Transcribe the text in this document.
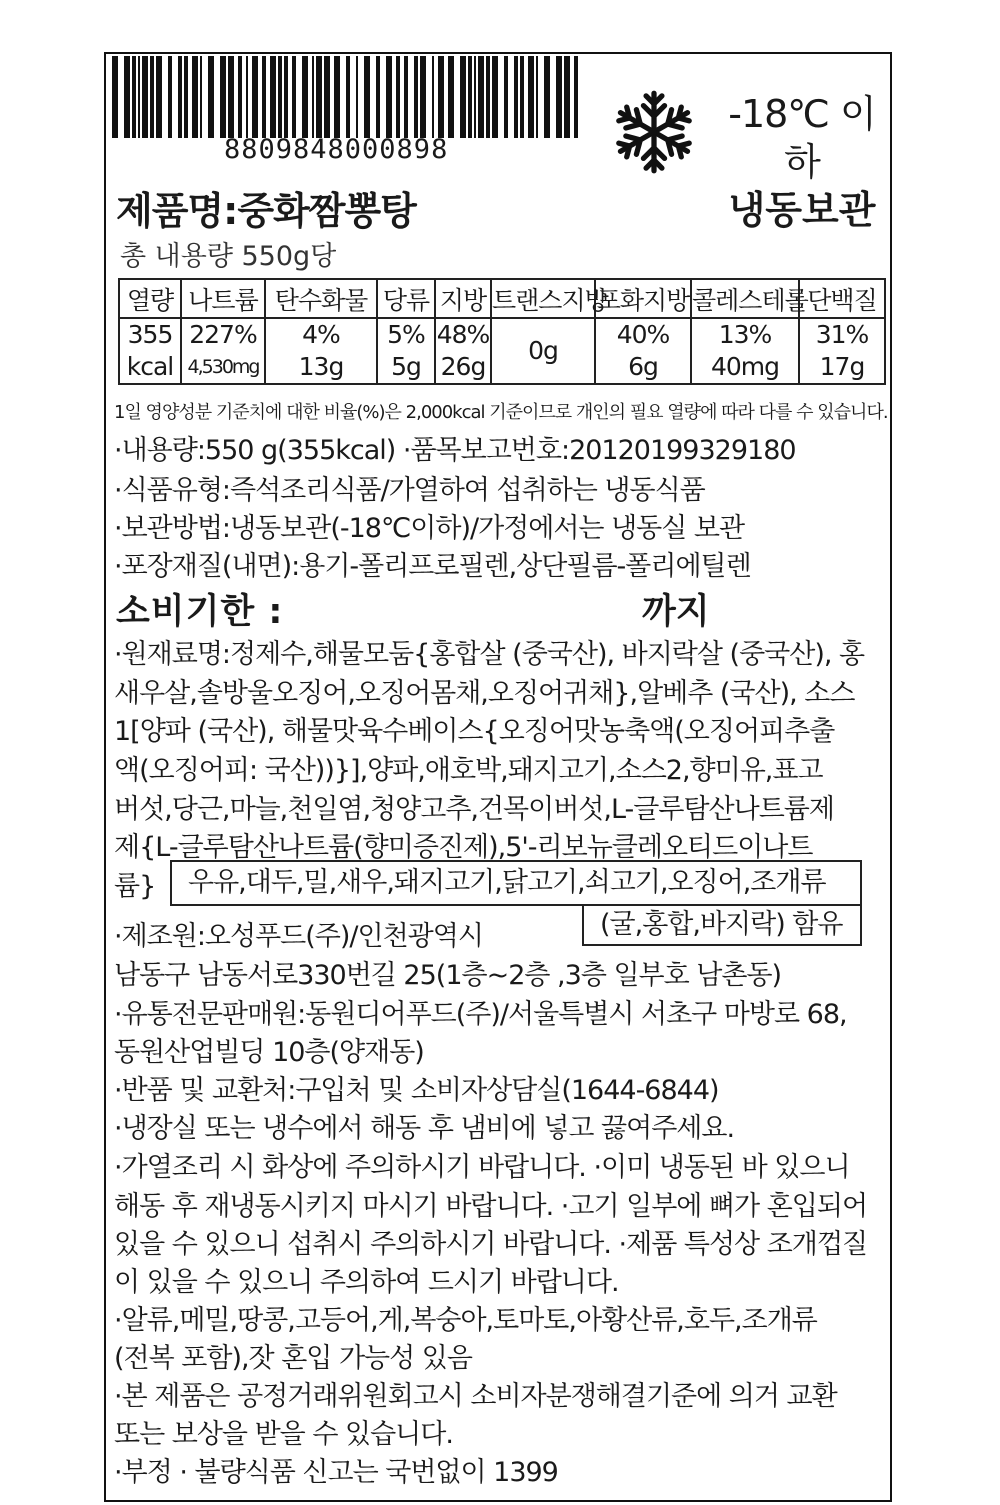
8809848000898
-18℃ 이하
냉동보관
제품명:중화짬뽕탕
총 내용량 550g당
열량	나트륨	탄수화물	당류	지방	트랜스지방	포화지방	콜레스테롤	단백질
355	227%	4%	5%	48%	0g	40%	13%	31%
kcal	4,530mg	13g	5g	26g		6g	40mg	17g
1일 영양성분 기준치에 대한 비율(%)은 2,000kcal 기준이므로 개인의 필요 열량에 따라 다를 수 있습니다.
·내용량:550 g(355kcal) ·품목보고번호:20120199329180
·식품유형:즉석조리식품/가열하여 섭취하는 냉동식품
·보관방법:냉동보관(-18℃이하)/가정에서는 냉동실 보관
·포장재질(내면):용기-폴리프로필렌,상단필름-폴리에틸렌
소비기한 :	까지
·원재료명:정제수,해물모둠{홍합살 (중국산), 바지락살 (중국산), 홍
새우살,솔방울오징어,오징어몸채,오징어귀채},알베추 (국산), 소스
1[양파 (국산), 해물맛육수베이스{오징어맛농축액(오징어피추출
액(오징어피: 국산))}],양파,애호박,돼지고기,소스2,향미유,표고
버섯,당근,마늘,천일염,청양고추,건목이버섯,L-글루탐산나트륨제
제{L-글루탐산나트륨(향미증진제),5'-리보뉴클레오티드이나트
륨}	우유,대두,밀,새우,돼지고기,닭고기,쇠고기,오징어,조개류
(굴,홍합,바지락) 함유
·제조원:오성푸드(주)/인천광역시
남동구 남동서로330번길 25(1층~2층 ,3층 일부호 남촌동)
·유통전문판매원:동원디어푸드(주)/서울특별시 서초구 마방로 68,
동원산업빌딩 10층(양재동)
·반품 및 교환처:구입처 및 소비자상담실(1644-6844)
·냉장실 또는 냉수에서 해동 후 냄비에 넣고 끓여주세요.
·가열조리 시 화상에 주의하시기 바랍니다. ·이미 냉동된 바 있으니
해동 후 재냉동시키지 마시기 바랍니다. ·고기 일부에 뼈가 혼입되어
있을 수 있으니 섭취시 주의하시기 바랍니다. ·제품 특성상 조개껍질
이 있을 수 있으니 주의하여 드시기 바랍니다.
·알류,메밀,땅콩,고등어,게,복숭아,토마토,아황산류,호두,조개류
(전복 포함),잣 혼입 가능성 있음
·본 제품은 공정거래위원회고시 소비자분쟁해결기준에 의거 교환
또는 보상을 받을 수 있습니다.
·부정 · 불량식품 신고는 국번없이 1399
